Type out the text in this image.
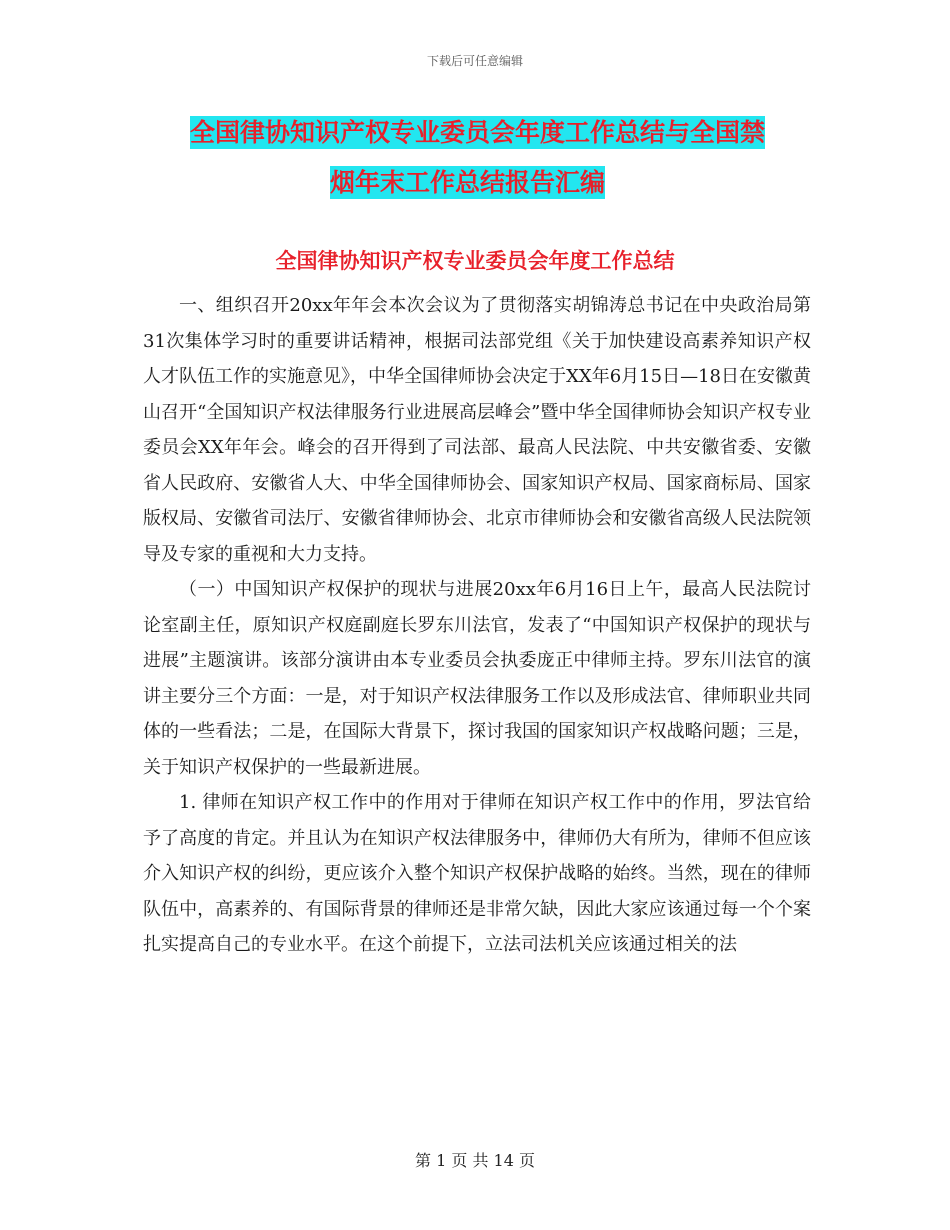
下载后可任意编辑
全国律协知识产权专业委员会年度工作总结与全国禁
烟年末工作总结报告汇编
全国律协知识产权专业委员会年度工作总结

一、组织召开20xx年年会本次会议为了贯彻落实胡锦涛总书记在中央政治局第31次集体学习时的重要讲话精神，根据司法部党组《关于加快建设高素养知识产权人才队伍工作的实施意见》，中华全国律师协会决定于XX年6月15日—18日在安徽黄山召开“全国知识产权法律服务行业进展高层峰会”暨中华全国律师协会知识产权专业委员会XX年年会。峰会的召开得到了司法部、最高人民法院、中共安徽省委、安徽省人民政府、安徽省人大、中华全国律师协会、国家知识产权局、国家商标局、国家版权局、安徽省司法厅、安徽省律师协会、北京市律师协会和安徽省高级人民法院领导及专家的重视和大力支持。

（一）中国知识产权保护的现状与进展20xx年6月16日上午，最高人民法院讨论室副主任，原知识产权庭副庭长罗东川法官，发表了“中国知识产权保护的现状与进展”主题演讲。该部分演讲由本专业委员会执委庞正中律师主持。罗东川法官的演讲主要分三个方面：一是，对于知识产权法律服务工作以及形成法官、律师职业共同体的一些看法；二是，在国际大背景下，探讨我国的国家知识产权战略问题；三是，关于知识产权保护的一些最新进展。

1. 律师在知识产权工作中的作用对于律师在知识产权工作中的作用，罗法官给予了高度的肯定。并且认为在知识产权法律服务中，律师仍大有所为，律师不但应该介入知识产权的纠纷，更应该介入整个知识产权保护战略的始终。当然，现在的律师队伍中，高素养的、有国际背景的律师还是非常欠缺，因此大家应该通过每一个个案扎实提高自己的专业水平。在这个前提下，立法司法机关应该通过相关的法

第 1 页 共 14 页
